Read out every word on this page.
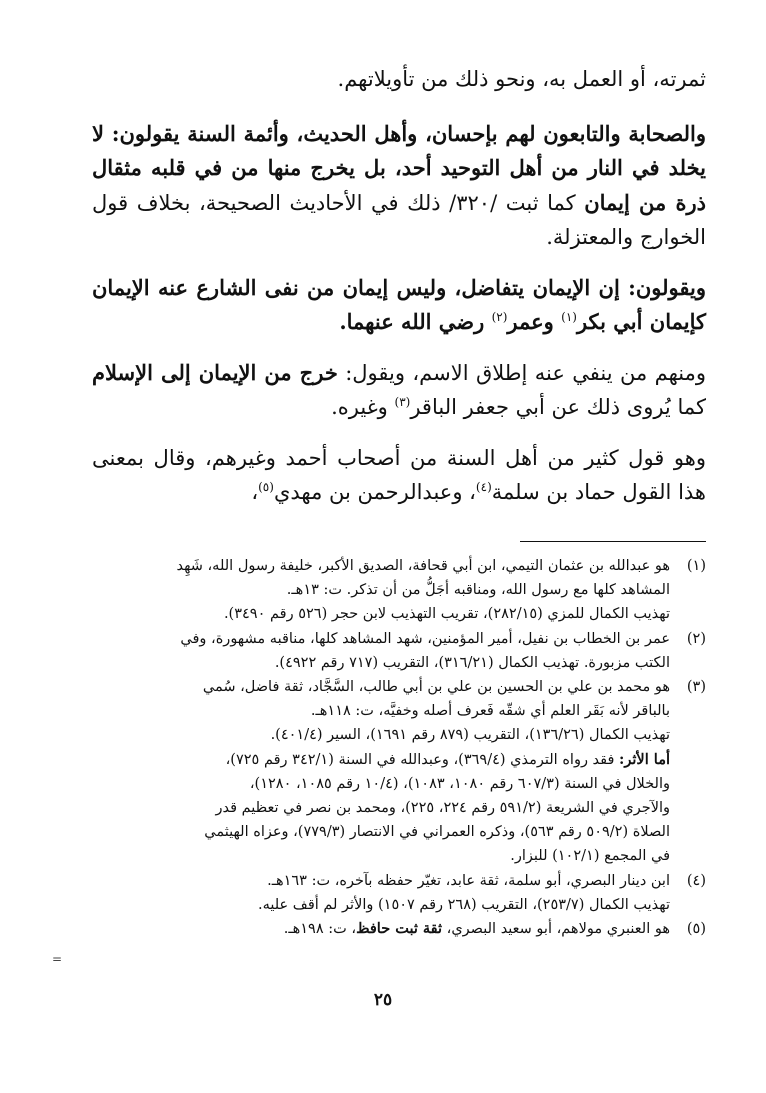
ثمرته، أو العمل به، ونحو ذلك من تأويلاتهم.

والصحابة والتابعون لهم بإحسان، وأهل الحديث، وأئمة السنة يقولون: لا يخلد في النار من أهل التوحيد أحد، بل يخرج منها من في قلبه مثقال ذرة من إيمان كما ثبت /٣٢٠/ ذلك في الأحاديث الصحيحة، بخلاف قول الخوارج والمعتزلة.

ويقولون: إن الإيمان يتفاضل، وليس إيمان من نفى الشارع عنه الإيمان كإيمان أبي بكر$^{(١)}$ وعمر$^{(٢)}$ رضي الله عنهما.

ومنهم من ينفي عنه إطلاق الاسم، ويقول: خرج من الإيمان إلى الإسلام كما يُروى ذلك عن أبي جعفر الباقر$^{(٣)}$ وغيره.

وهو قول كثير من أهل السنة من أصحاب أحمد وغيرهم، وقال بمعنى هذا القول حماد بن سلمة$^{(٤)}$، وعبدالرحمن بن مهدي$^{(٥)}$،

(١)
هو عبدالله بن عثمان التيمي، ابن أبي قحافة، الصديق الأكبر، خليفة رسول الله، شَهِد
المشاهد كلها مع رسول الله، ومناقبه أجَلُّ من أن تذكر. ت: ١٣هـ.
تهذيب الكمال للمزي (٢٨٢/١٥)، تقريب التهذيب لابن حجر (٥٢٦ رقم ٣٤٩٠).
(٢)
عمر بن الخطاب بن نفيل، أمير المؤمنين، شهد المشاهد كلها، مناقبه مشهورة، وفي
الكتب مزبورة. تهذيب الكمال (٣١٦/٢١)، التقريب (٧١٧ رقم ٤٩٢٢).
(٣)
هو محمد بن علي بن الحسين بن علي بن أبي طالب، السَّجَّاد، ثقة فاضل، سُمي
بالباقر لأنه بَقَر العلم أي شقّه فَعرف أصله وخفيَّه، ت: ١١٨هـ.
تهذيب الكمال (١٣٦/٢٦)، التقريب (٨٧٩ رقم ١٦٩١)، السير (٤٠١/٤).
أما الأثر: فقد رواه الترمذي (٣٦٩/٤)، وعبدالله في السنة (٣٤٢/١ رقم ٧٢٥)،
والخلال في السنة (٦٠٧/٣ رقم ١٠٨٠، ١٠٨٣)، (١٠/٤ رقم ١٠٨٥، ١٢٨٠)،
والآجري في الشريعة (٥٩١/٢ رقم ٢٢٤، ٢٢٥)، ومحمد بن نصر في تعظيم قدر
الصلاة (٥٠٩/٢ رقم ٥٦٣)، وذكره العمراني في الانتصار (٧٧٩/٣)، وعزاه الهيثمي
في المجمع (١٠٢/١) للبزار.
(٤)
ابن دينار البصري، أبو سلمة، ثقة عابد، تغيّر حفظه بآخره، ت: ١٦٣هـ.
تهذيب الكمال (٢٥٣/٧)، التقريب (٢٦٨ رقم ١٥٠٧) والأثر لم أقف عليه.
(٥)
هو العنبري مولاهم، أبو سعيد البصري، ثقة ثبت حافظ، ت: ١٩٨هـ.
٢٥
=
